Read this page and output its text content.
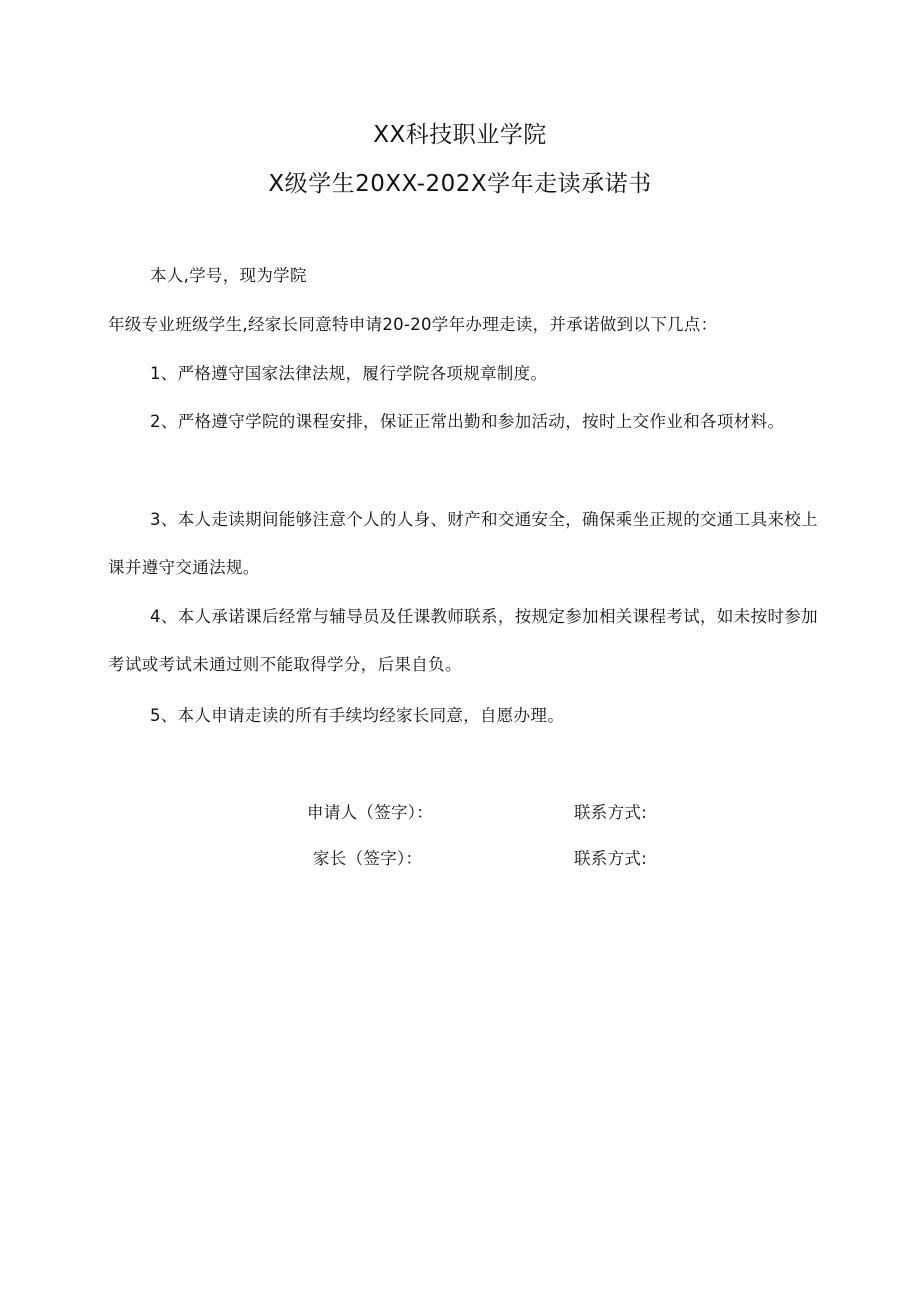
XX科技职业学院
X级学生20XX-202X学年走读承诺书
本人,学号，现为学院
年级专业班级学生,经家长同意特申请20-20学年办理走读，并承诺做到以下几点：
1、严格遵守国家法律法规，履行学院各项规章制度。
2、严格遵守学院的课程安排，保证正常出勤和参加活动，按时上交作业和各项材料。
3、本人走读期间能够注意个人的人身、财产和交通安全，确保乘坐正规的交通工具来校上课并遵守交通法规。
4、本人承诺课后经常与辅导员及任课教师联系，按规定参加相关课程考试，如未按时参加考试或考试未通过则不能取得学分，后果自负。
5、本人申请走读的所有手续均经家长同意，自愿办理。
申请人（签字）：	联系方式:
家长（签字）：	联系方式:
